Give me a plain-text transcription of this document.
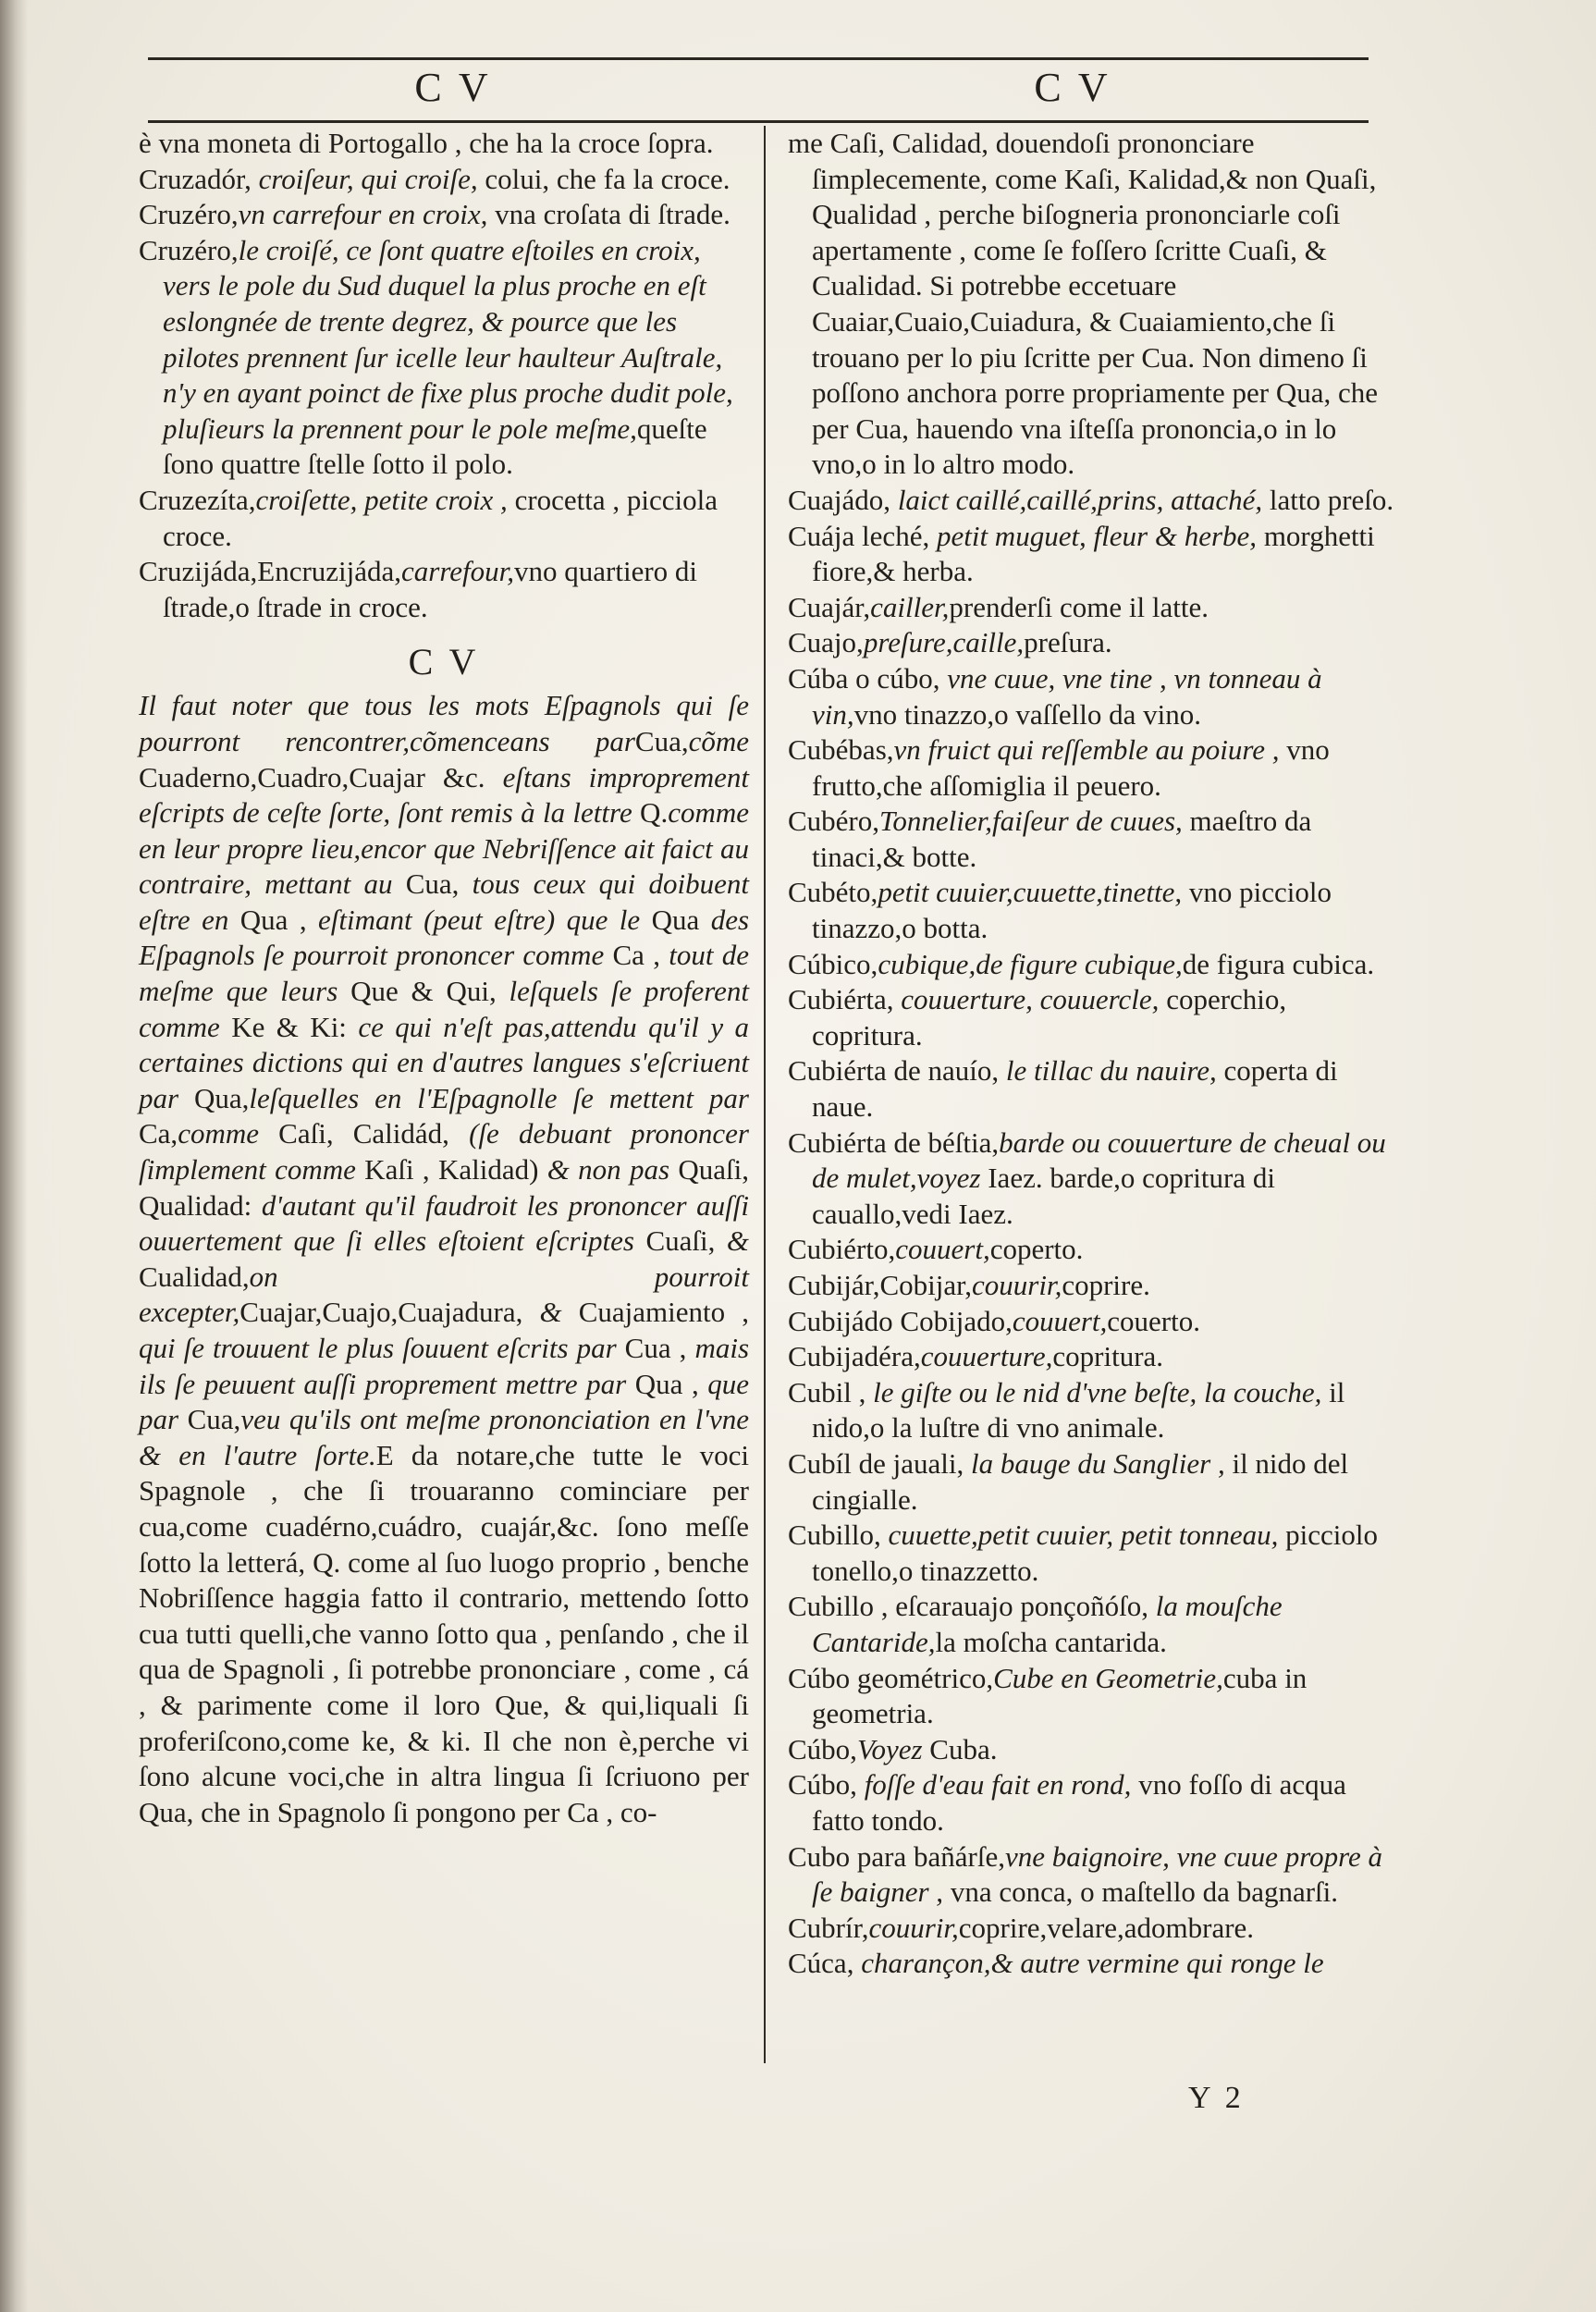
C V	C V

è vna moneta di Portogallo , che ha la croce ſopra.

Cruzadór, croiſeur, qui croiſe, colui, che fa la croce.

Cruzéro,vn carrefour en croix, vna croſata di ſtrade.

Cruzéro,le croiſé, ce ſont quatre eſtoiles en croix, vers le pole du Sud duquel la plus proche en eſt eslongnée de trente degrez, & pource que les pilotes prennent ſur icelle leur haulteur Auſtrale, n'y en ayant poinct de fixe plus proche dudit pole, pluſieurs la prennent pour le pole meſme,queſte ſono quattre ſtelle ſotto il polo.

Cruzezíta,croiſette, petite croix , crocetta , picciola croce.

Cruzijáda,Encruzijáda,carrefour,vno quartiero di ſtrade,o ſtrade in croce.

C V

Il faut noter que tous les mots Eſpagnols qui ſe pourront rencontrer,cõmenceans parCua,cõme Cuaderno,Cuadro,Cuajar &c. eſtans improprement eſcripts de ceſte ſorte, ſont remis à la lettre Q.comme en leur propre lieu,encor que Nebriſſence ait faict au contraire, mettant au Cua, tous ceux qui doibuent eſtre en Qua , eſtimant (peut eſtre) que le Qua des Eſpagnols ſe pourroit prononcer comme Ca , tout de meſme que leurs Que & Qui, leſquels ſe proferent comme Ke & Ki: ce qui n'eſt pas,attendu qu'il y a certaines dictions qui en d'autres langues s'eſcriuent par Qua,leſquelles en l'Eſpagnolle ſe mettent par Ca,comme Caſi, Calidád, (ſe debuant prononcer ſimplement comme Kaſi , Kalidad) & non pas Quaſi, Qualidad: d'autant qu'il faudroit les prononcer auſſi ouuertement que ſi elles eſtoient eſcriptes Cuaſi, & Cualidad,on pourroit excepter,Cuajar,Cuajo,Cuajadura, & Cuajamiento , qui ſe trouuent le plus ſouuent eſcrits par Cua , mais ils ſe peuuent auſſi proprement mettre par Qua , que par Cua,veu qu'ils ont meſme prononciation en l'vne & en l'autre ſorte.E da notare,che tutte le voci Spagnole , che ſi trouaranno cominciare per cua,come cuadérno,cuádro, cuajár,&c. ſono meſſe ſotto la letterá, Q. come al ſuo luogo proprio , benche Nobriſſence haggia fatto il contrario, mettendo ſotto cua tutti quelli,che vanno ſotto qua , penſando , che il qua de Spagnoli , ſi potrebbe prononciare , come , cá , & parimente come il loro Que, & qui,liquali ſi proferiſcono,come ke, & ki. Il che non è,perche vi ſono alcune voci,che in altra lingua ſi ſcriuono per Qua, che in Spagnolo ſi pongono per Ca , co-

me Caſi, Calidad, douendoſi prononciare ſimplecemente, come Kaſi, Kalidad,& non Quaſi, Qualidad , perche biſogneria prononciarle coſi apertamente , come ſe foſſero ſcritte Cuaſi, & Cualidad. Si potrebbe eccetuare Cuaiar,Cuaio,Cuiadura, & Cuaiamiento,che ſi trouano per lo piu ſcritte per Cua. Non dimeno ſi poſſono anchora porre propriamente per Qua, che per Cua, hauendo vna iſteſſa prononcia,o in lo vno,o in lo altro modo.

Cuajádo, laict caillé,caillé,prins, attaché, latto preſo.

Cuája leché, petit muguet, fleur & herbe, morghetti fiore,& herba.

Cuajár,cailler,prenderſi come il latte.

Cuajo,preſure,caille,preſura.

Cúba o cúbo, vne cuue, vne tine , vn tonneau à vin,vno tinazzo,o vaſſello da vino.

Cubébas,vn fruict qui reſſemble au poiure , vno frutto,che aſſomiglia il peuero.

Cubéro,Tonnelier,faiſeur de cuues, maeſtro da tinaci,& botte.

Cubéto,petit cuuier,cuuette,tinette, vno picciolo tinazzo,o botta.

Cúbico,cubique,de figure cubique,de figura cubica.

Cubiérta, couuerture, couuercle, coperchio, copritura.

Cubiérta de nauío, le tillac du nauire, coperta di naue.

Cubiérta de béſtia,barde ou couuerture de cheual ou de mulet,voyez Iaez. barde,o copritura di cauallo,vedi Iaez.

Cubiérto,couuert,coperto.

Cubijár,Cobijar,couurir,coprire.

Cubijádo Cobijado,couuert,couerto.

Cubijadéra,couuerture,copritura.

Cubil , le giſte ou le nid d'vne beſte, la couche, il nido,o la luſtre di vno animale.

Cubíl de jauali, la bauge du Sanglier , il nido del cingialle.

Cubillo, cuuette,petit cuuier, petit tonneau, picciolo tonello,o tinazzetto.

Cubillo , eſcarauajo ponçoñóſo, la mouſche Cantaride,la moſcha cantarida.

Cúbo geométrico,Cube en Geometrie,cuba in geometria.

Cúbo,Voyez Cuba.

Cúbo, foſſe d'eau fait en rond, vno foſſo di acqua fatto tondo.

Cubo para bañárſe,vne baignoire, vne cuue propre à ſe baigner , vna conca, o maſtello da bagnarſi.

Cubrír,couurir,coprire,velare,adombrare.

Cúca, charançon,& autre vermine qui ronge le

Y 2
